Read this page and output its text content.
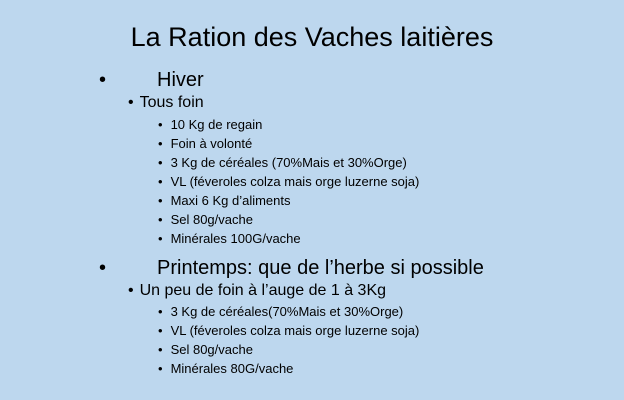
La Ration des Vaches laitières
•	Hiver
• Tous foin
• 10 Kg de regain
• Foin à volonté
• 3 Kg de céréales (70%Mais et 30%Orge)
• VL (féveroles colza mais orge luzerne soja)
• Maxi 6 Kg d’aliments
• Sel 80g/vache
• Minérales 100G/vache
•	Printemps: que de l’herbe si possible
• Un peu de foin à l’auge de 1 à 3Kg
• 3 Kg de céréales(70%Mais et 30%Orge)
• VL (féveroles colza mais orge luzerne soja)
• Sel 80g/vache
• Minérales 80G/vache
